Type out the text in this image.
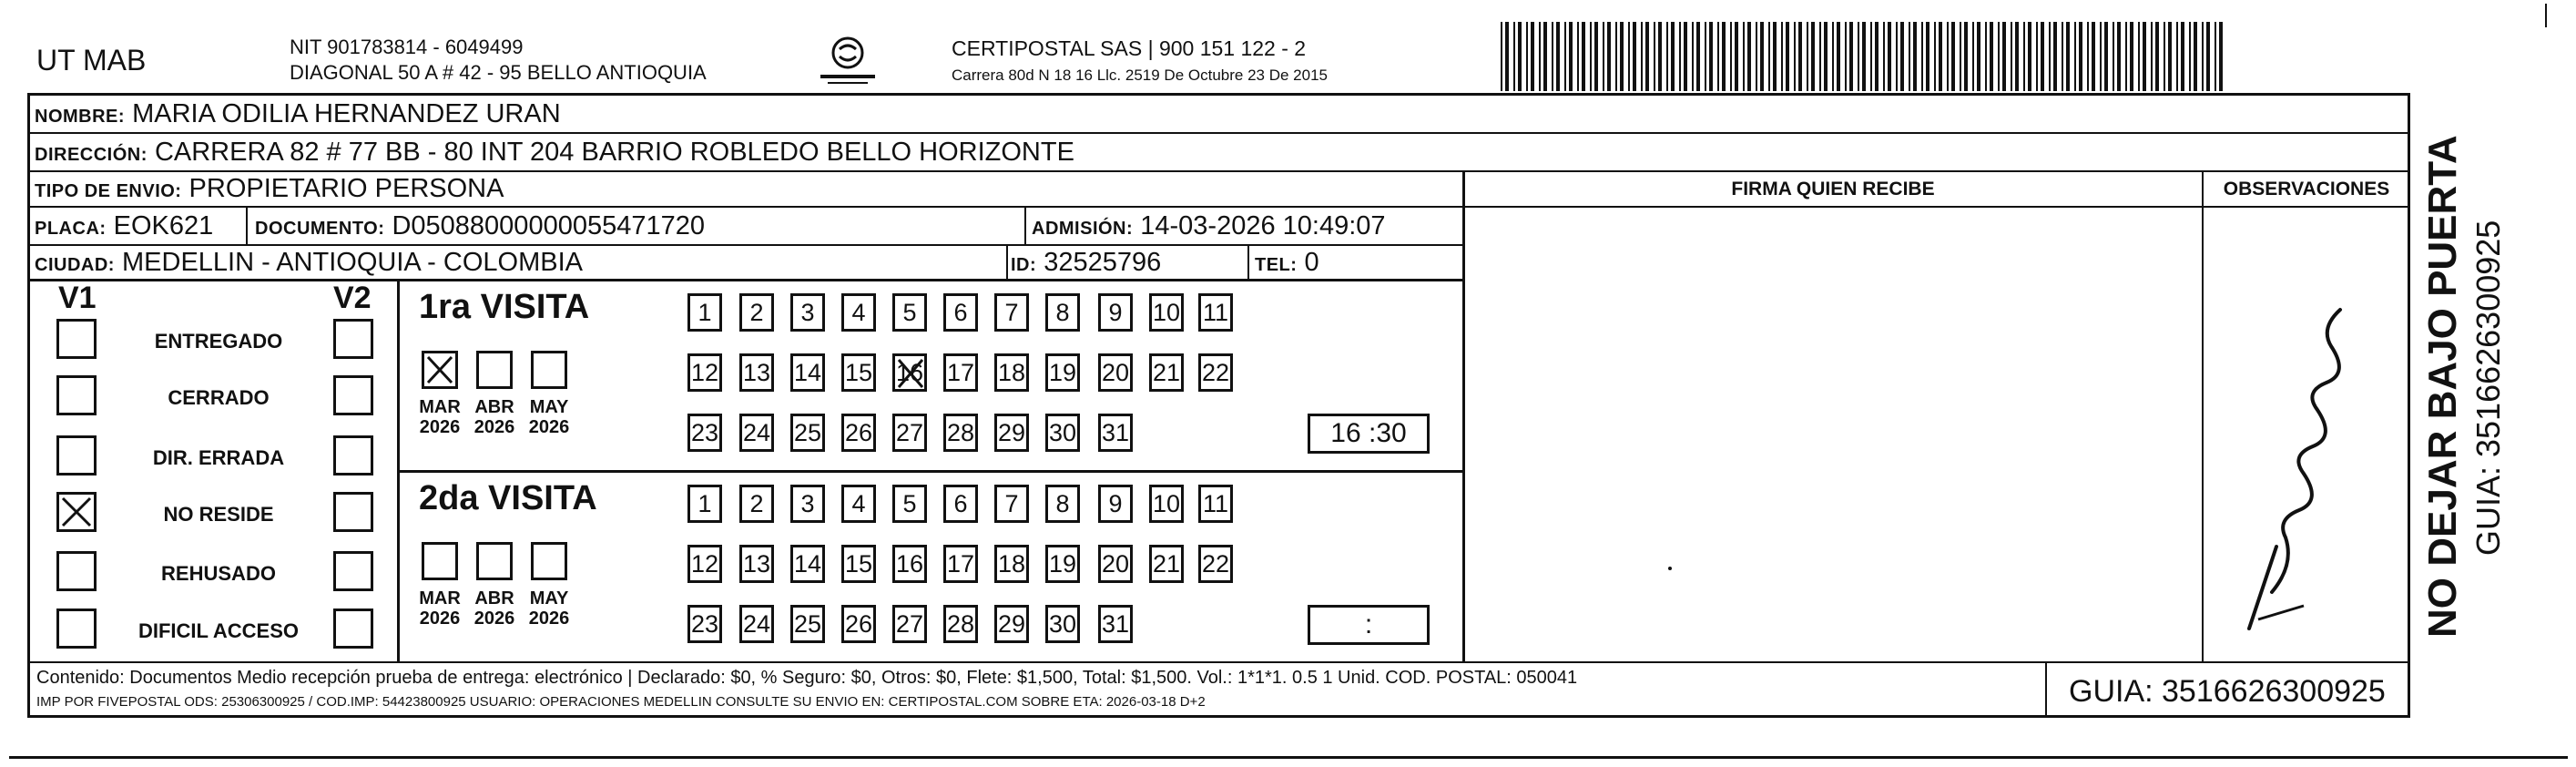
UT MAB	NIT 901783814 - 6049499
DIAGONAL 50 A # 42 - 95 BELLO ANTIOQUIA
CERTIPOSTAL SAS | 900 151 122 - 2
Carrera 80d N 18 16 Llc. 2519 De Octubre 23 De 2015
NOMBRE: MARIA ODILIA HERNANDEZ URAN
DIRECCIÓN: CARRERA 82 # 77 BB - 80 INT 204 BARRIO ROBLEDO BELLO HORIZONTE
TIPO DE ENVIO: PROPIETARIO PERSONA	FIRMA QUIEN RECIBE	OBSERVACIONES
PLACA: EOK621 DOCUMENTO: D05088000000055471720	ADMISIÓN: 14-03-2026 10:49:07
CIUDAD: MEDELLIN - ANTIOQUIA - COLOMBIA	ID: 32525796	TEL: 0
V1	V2
ENTREGADO
CERRADO
DIR. ERRADA
NO RESIDE
REHUSADO
DIFICIL ACCESO
1ra VISITA
MAR
2026
ABR
2026
MAY
2026
1	2	3	4	5	6	7	8	9	10 11
12 13 14 15 16 17 18 19 20 21 22
23 24 25 26 27 28 29 30 31	16 :30
2da VISITA
MAR
2026
ABR
2026
MAY
2026
1	2	3	4	5	6	7	8	9	10 11
12 13 14 15 16 17 18 19 20 21 22
23 24 25 26 27 28 29 30 31	:
Contenido: Documentos Medio recepción prueba de entrega: electrónico | Declarado: $0, % Seguro: $0, Otros: $0, Flete: $1,500, Total: $1,500. Vol.: 1*1*1. 0.5 1 Unid. COD. POSTAL: 050041
IMP POR FIVEPOSTAL ODS: 25306300925 / COD.IMP: 54423800925 USUARIO: OPERACIONES MEDELLIN CONSULTE SU ENVIO EN: CERTIPOSTAL.COM SOBRE ETA: 2026-03-18 D+2	GUIA: 3516626300925
NO DEJAR BAJO PUERTA GUIA: 3516626300925
